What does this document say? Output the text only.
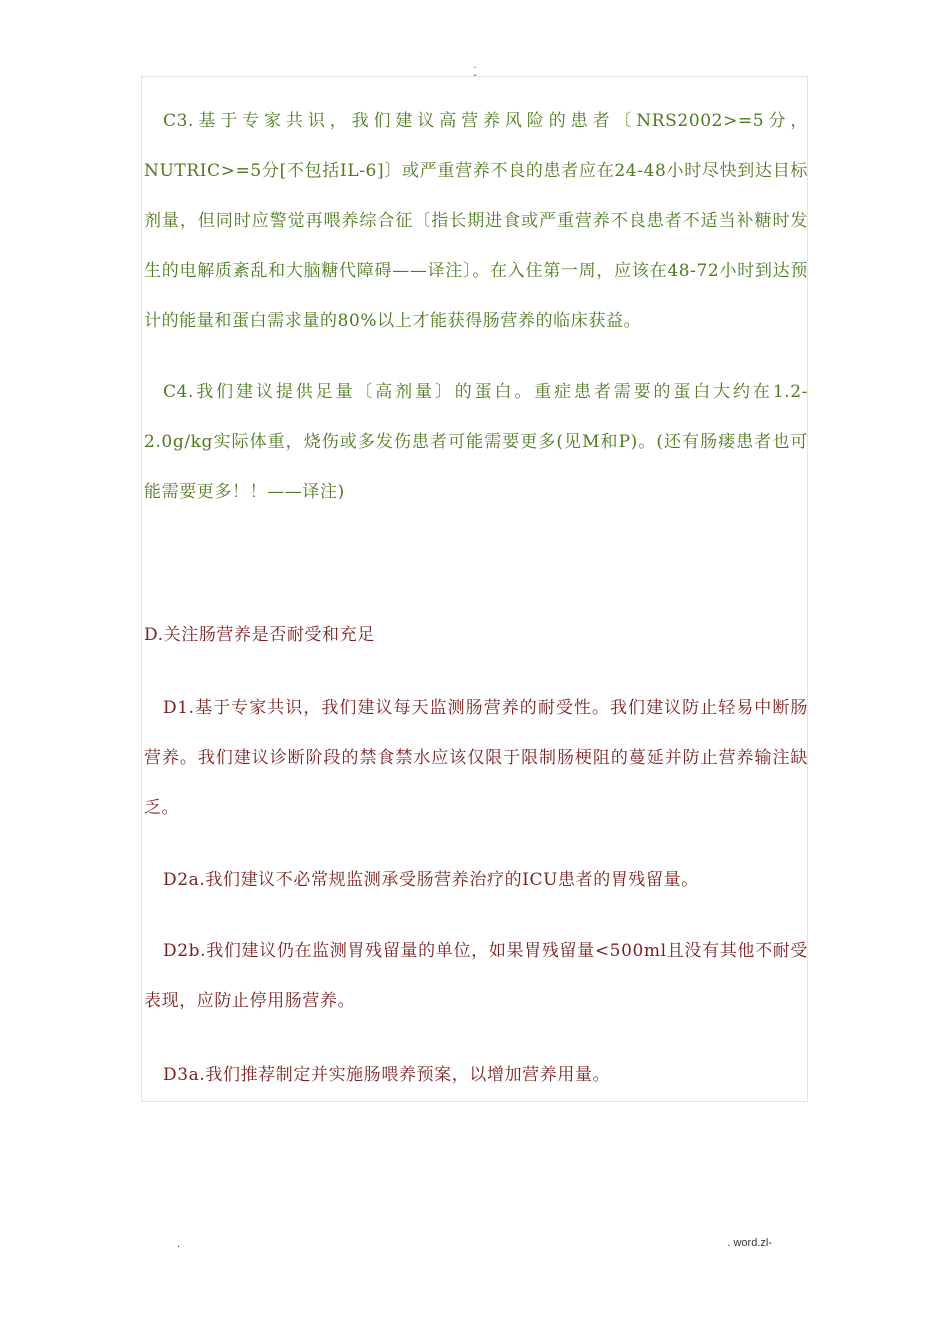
.
-

C3.基于专家共识，我们建议高营养风险的患者〔NRS2002>=5分，NUTRIC>=5分[不包括IL-6]〕或严重营养不良的患者应在24-48小时尽快到达目标剂量，但同时应警觉再喂养综合征〔指长期进食或严重营养不良患者不适当补糖时发生的电解质紊乱和大脑糖代障碍——译注〕。在入住第一周，应该在48-72小时到达预计的能量和蛋白需求量的80%以上才能获得肠营养的临床获益。

C4.我们建议提供足量〔高剂量〕的蛋白。重症患者需要的蛋白大约在1.2-2.0g/kg实际体重，烧伤或多发伤患者可能需要更多(见M和P)。(还有肠瘘患者也可能需要更多！！——译注)

D.关注肠营养是否耐受和充足

D1.基于专家共识，我们建议每天监测肠营养的耐受性。我们建议防止轻易中断肠营养。我们建议诊断阶段的禁食禁水应该仅限于限制肠梗阻的蔓延并防止营养输注缺乏。

D2a.我们建议不必常规监测承受肠营养治疗的ICU患者的胃残留量。

D2b.我们建议仍在监测胃残留量的单位，如果胃残留量<500ml且没有其他不耐受表现，应防止停用肠营养。

D3a.我们推荐制定并实施肠喂养预案，以增加营养用量。

.	. word.zl-
